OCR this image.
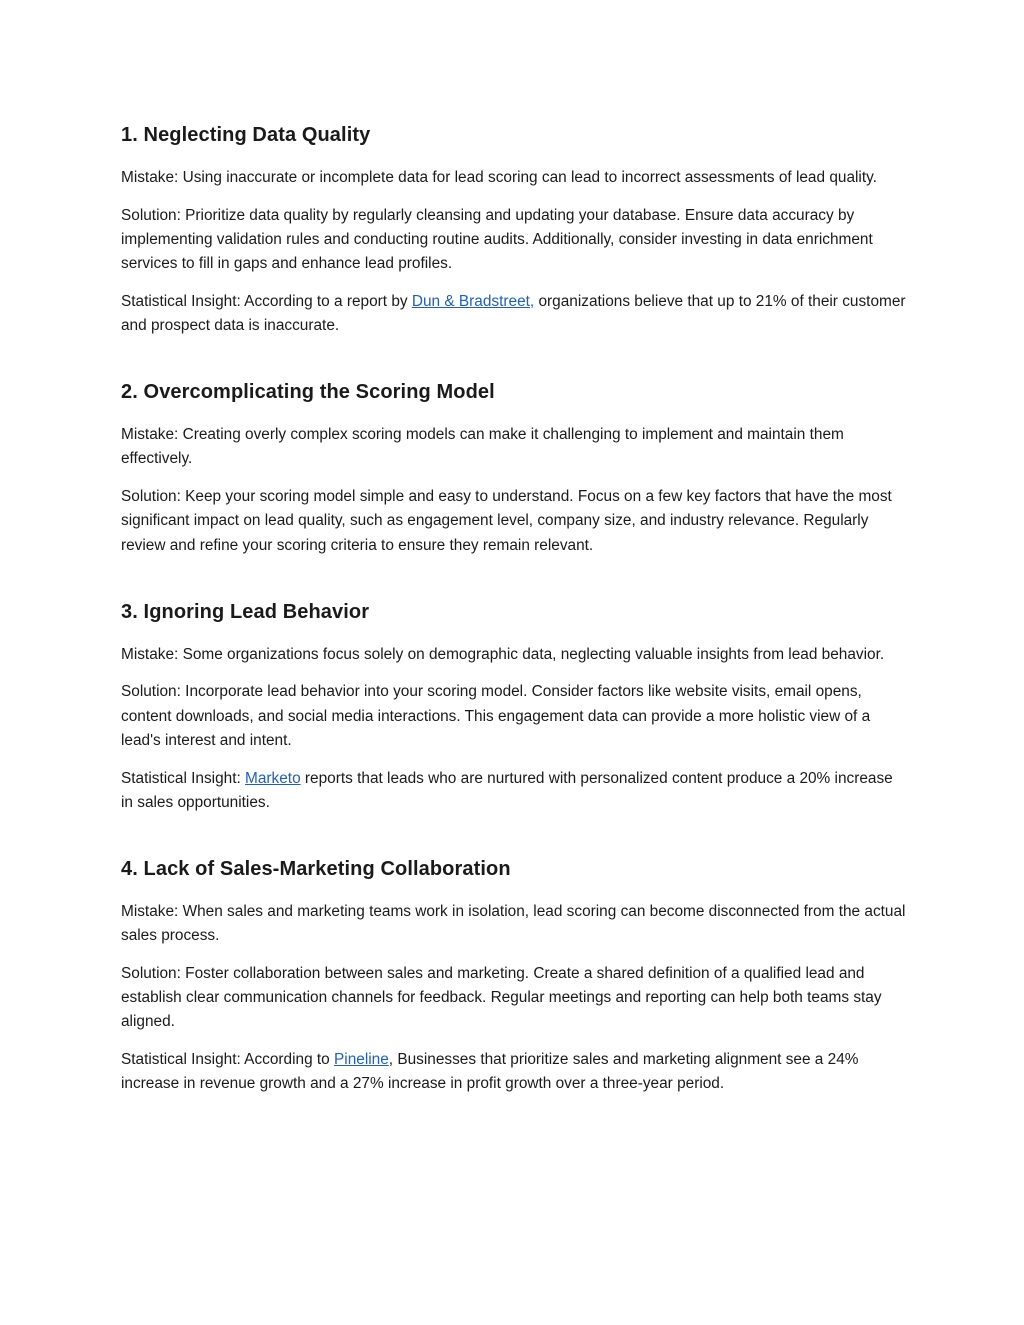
1. Neglecting Data Quality

Mistake: Using inaccurate or incomplete data for lead scoring can lead to incorrect assessments of lead quality.

Solution: Prioritize data quality by regularly cleansing and updating your database. Ensure data accuracy by implementing validation rules and conducting routine audits. Additionally, consider investing in data enrichment services to fill in gaps and enhance lead profiles.

Statistical Insight: According to a report by Dun & Bradstreet, organizations believe that up to 21% of their customer and prospect data is inaccurate.

2. Overcomplicating the Scoring Model

Mistake: Creating overly complex scoring models can make it challenging to implement and maintain them effectively.

Solution: Keep your scoring model simple and easy to understand. Focus on a few key factors that have the most significant impact on lead quality, such as engagement level, company size, and industry relevance. Regularly review and refine your scoring criteria to ensure they remain relevant.

3. Ignoring Lead Behavior

Mistake: Some organizations focus solely on demographic data, neglecting valuable insights from lead behavior.

Solution: Incorporate lead behavior into your scoring model. Consider factors like website visits, email opens, content downloads, and social media interactions. This engagement data can provide a more holistic view of a lead's interest and intent.

Statistical Insight: Marketo reports that leads who are nurtured with personalized content produce a 20% increase in sales opportunities.

4. Lack of Sales-Marketing Collaboration

Mistake: When sales and marketing teams work in isolation, lead scoring can become disconnected from the actual sales process.

Solution: Foster collaboration between sales and marketing. Create a shared definition of a qualified lead and establish clear communication channels for feedback. Regular meetings and reporting can help both teams stay aligned.

Statistical Insight: According to Pineline, Businesses that prioritize sales and marketing alignment see a 24% increase in revenue growth and a 27% increase in profit growth over a three-year period.
